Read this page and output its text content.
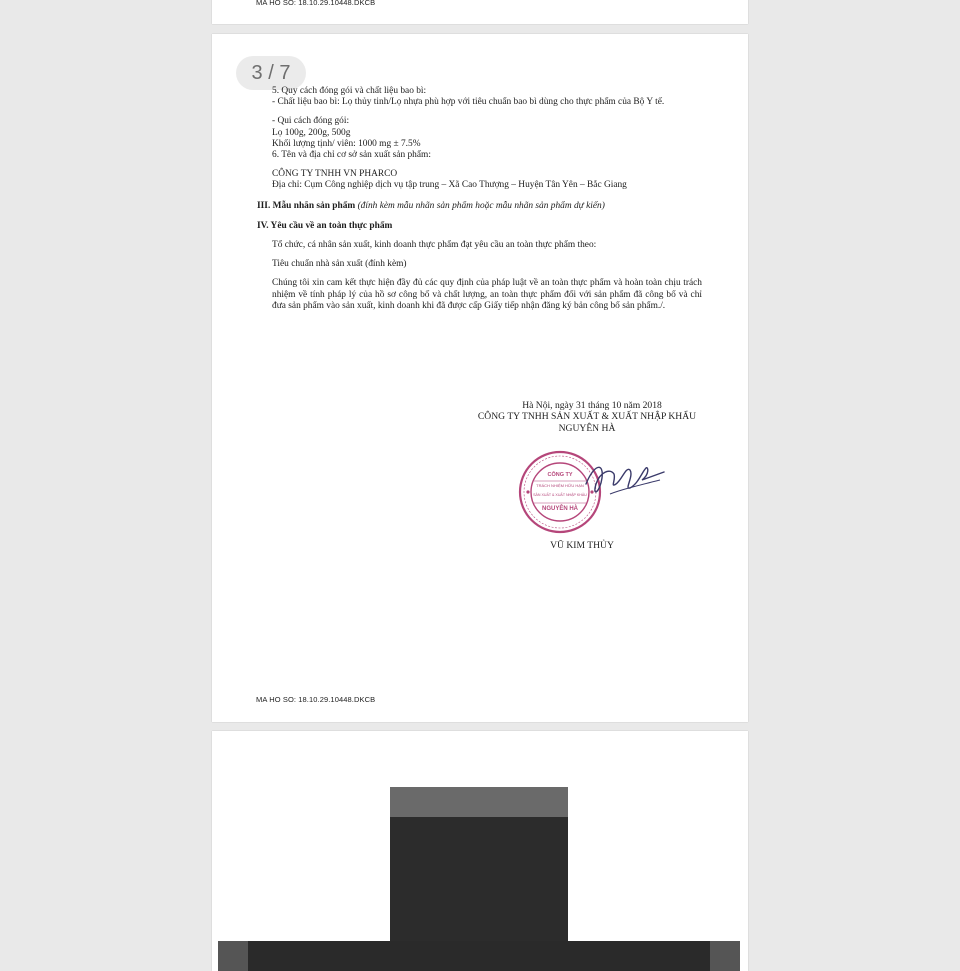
MA HO SO: 18.10.29.10448.DKCB
3 / 7

5. Quy cách đóng gói và chất liệu bao bì:

- Chất liệu bao bì: Lọ thủy tinh/Lọ nhựa phù hợp với tiêu chuẩn bao bì dùng cho thực phẩm của Bộ Y tế.

- Qui cách đóng gói:

Lọ 100g, 200g, 500g

Khối lượng tịnh/ viên: 1000 mg ± 7.5%

6. Tên và địa chỉ cơ sở sản xuất sản phẩm:

CÔNG TY TNHH VN PHARCO

Địa chỉ: Cụm Công nghiệp dịch vụ tập trung – Xã Cao Thượng – Huyện Tân Yên – Bắc Giang

III. Mẫu nhãn sản phẩm (đính kèm mẫu nhãn sản phẩm hoặc mẫu nhãn sản phẩm dự kiến)

IV. Yêu cầu về an toàn thực phẩm

Tổ chức, cá nhân sản xuất, kinh doanh thực phẩm đạt yêu cầu an toàn thực phẩm theo:

Tiêu chuẩn nhà sản xuất (đính kèm)

Chúng tôi xin cam kết thực hiện đầy đủ các quy định của pháp luật về an toàn thực phẩm và hoàn toàn chịu trách nhiệm về tính pháp lý của hồ sơ công bố và chất lượng, an toàn thực phẩm đối với sản phẩm đã công bố và chỉ đưa sản phẩm vào sản xuất, kinh doanh khi đã được cấp Giấy tiếp nhận đăng ký bản công bố sản phẩm./.

Hà Nội, ngày 31 tháng 10 năm 2018
CÔNG TY TNHH SẢN XUẤT & XUẤT NHẬP KHẨU
NGUYÊN HÀ
CÔNG TY
TRÁCH NHIỆM HỮU HẠN
SẢN XUẤT & XUẤT NHẬP KHẨU
NGUYÊN HÀ
VŨ KIM THỦY
MA HO SO: 18.10.29.10448.DKCB
